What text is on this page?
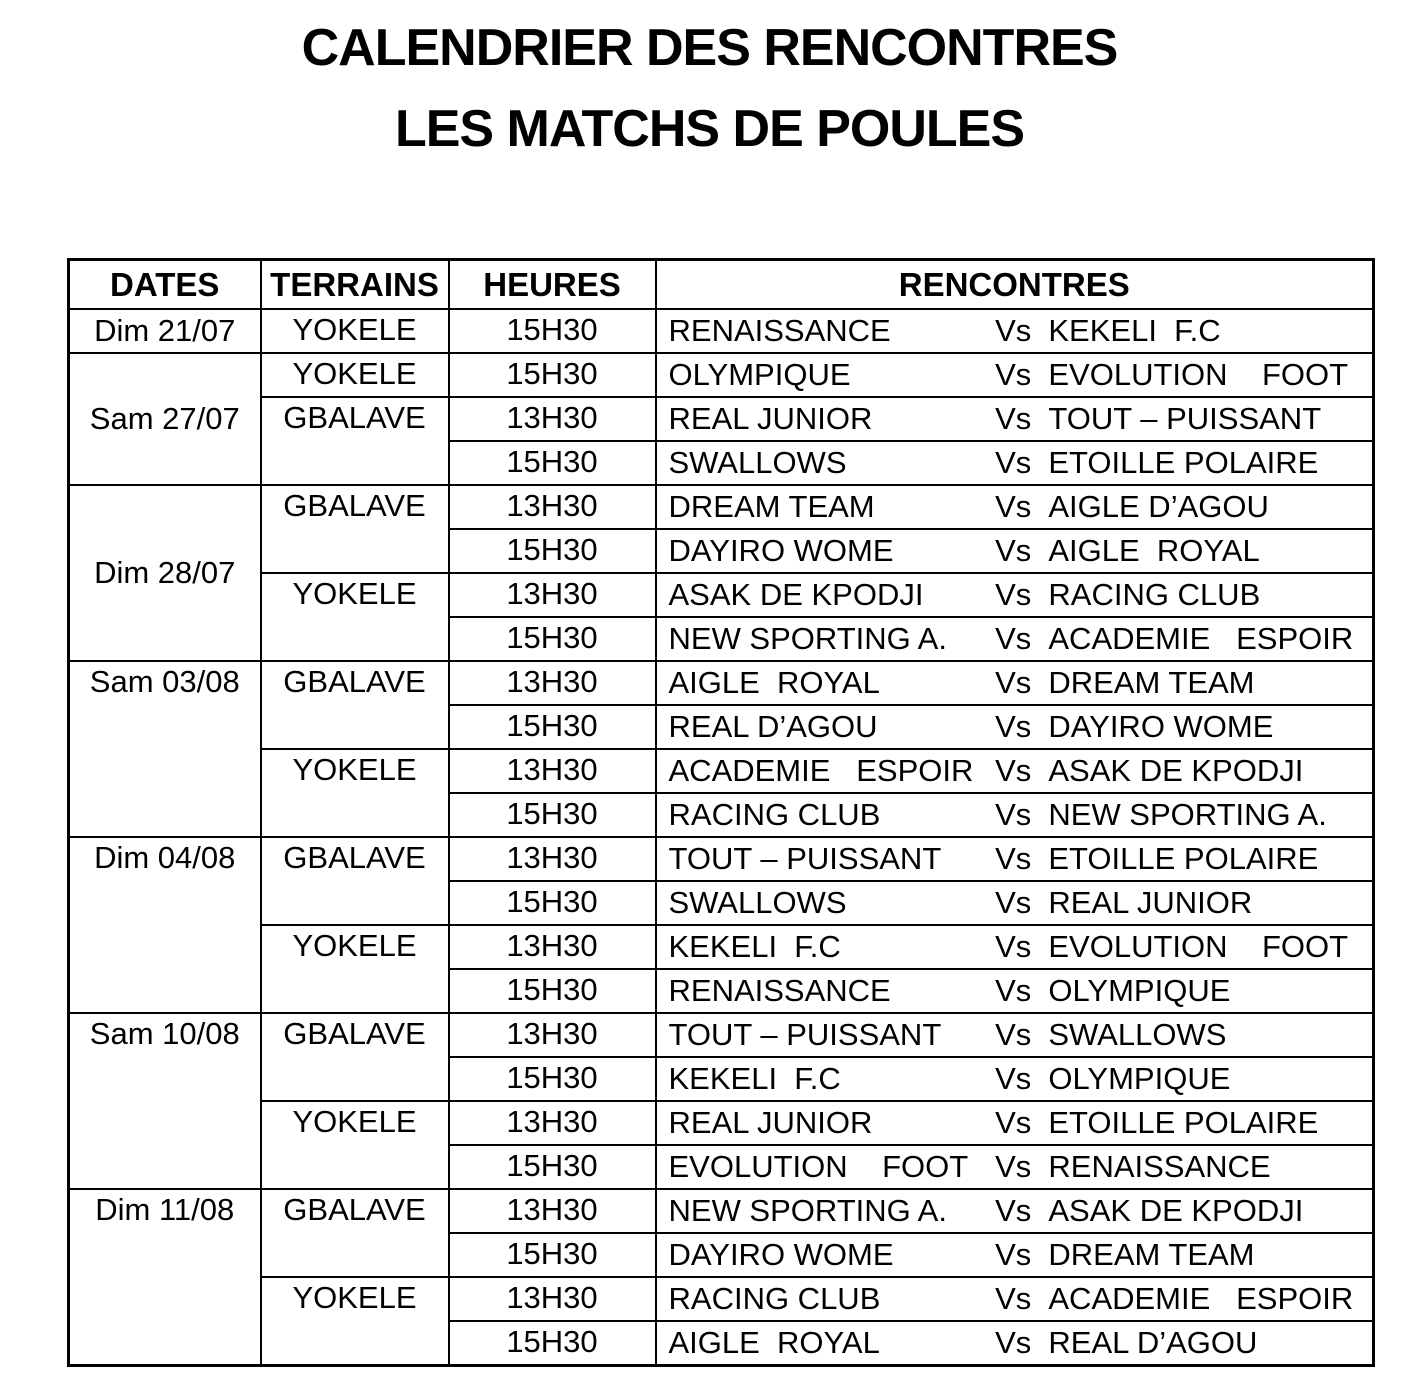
CALENDRIER DES RENCONTRES
LES MATCHS DE POULES
DATES	TERRAINS	HEURES	RENCONTRES
Dim 21/07	YOKELE	15H30	RENAISSANCE Vs KEKELI  F.C

Sam 27/07	YOKELE	15H30	OLYMPIQUE Vs EVOLUTION    FOOT

	GBALAVE	13H30	REAL JUNIOR Vs TOUT – PUISSANT

		15H30	SWALLOWS Vs ETOILLE POLAIRE

Dim 28/07	GBALAVE	13H30	DREAM TEAM Vs AIGLE D’AGOU

		15H30	DAYIRO WOME Vs AIGLE  ROYAL

	YOKELE	13H30	ASAK DE KPODJI Vs RACING CLUB

		15H30	NEW SPORTING A. Vs ACADEMIE   ESPOIR

Sam 03/08	GBALAVE	13H30	AIGLE  ROYAL Vs DREAM TEAM

		15H30	REAL D’AGOU Vs DAYIRO WOME

	YOKELE	13H30	ACADEMIE   ESPOIR Vs ASAK DE KPODJI

		15H30	RACING CLUB Vs NEW SPORTING A.

Dim 04/08	GBALAVE	13H30	TOUT – PUISSANT Vs ETOILLE POLAIRE

		15H30	SWALLOWS Vs REAL JUNIOR

	YOKELE	13H30	KEKELI  F.C Vs EVOLUTION    FOOT

		15H30	RENAISSANCE Vs OLYMPIQUE

Sam 10/08	GBALAVE	13H30	TOUT – PUISSANT Vs SWALLOWS

		15H30	KEKELI  F.C Vs OLYMPIQUE

	YOKELE	13H30	REAL JUNIOR Vs ETOILLE POLAIRE

		15H30	EVOLUTION    FOOT Vs RENAISSANCE

Dim 11/08	GBALAVE	13H30	NEW SPORTING A. Vs ASAK DE KPODJI

		15H30	DAYIRO WOME Vs DREAM TEAM

	YOKELE	13H30	RACING CLUB Vs ACADEMIE   ESPOIR

		15H30	AIGLE  ROYAL Vs REAL D’AGOU
